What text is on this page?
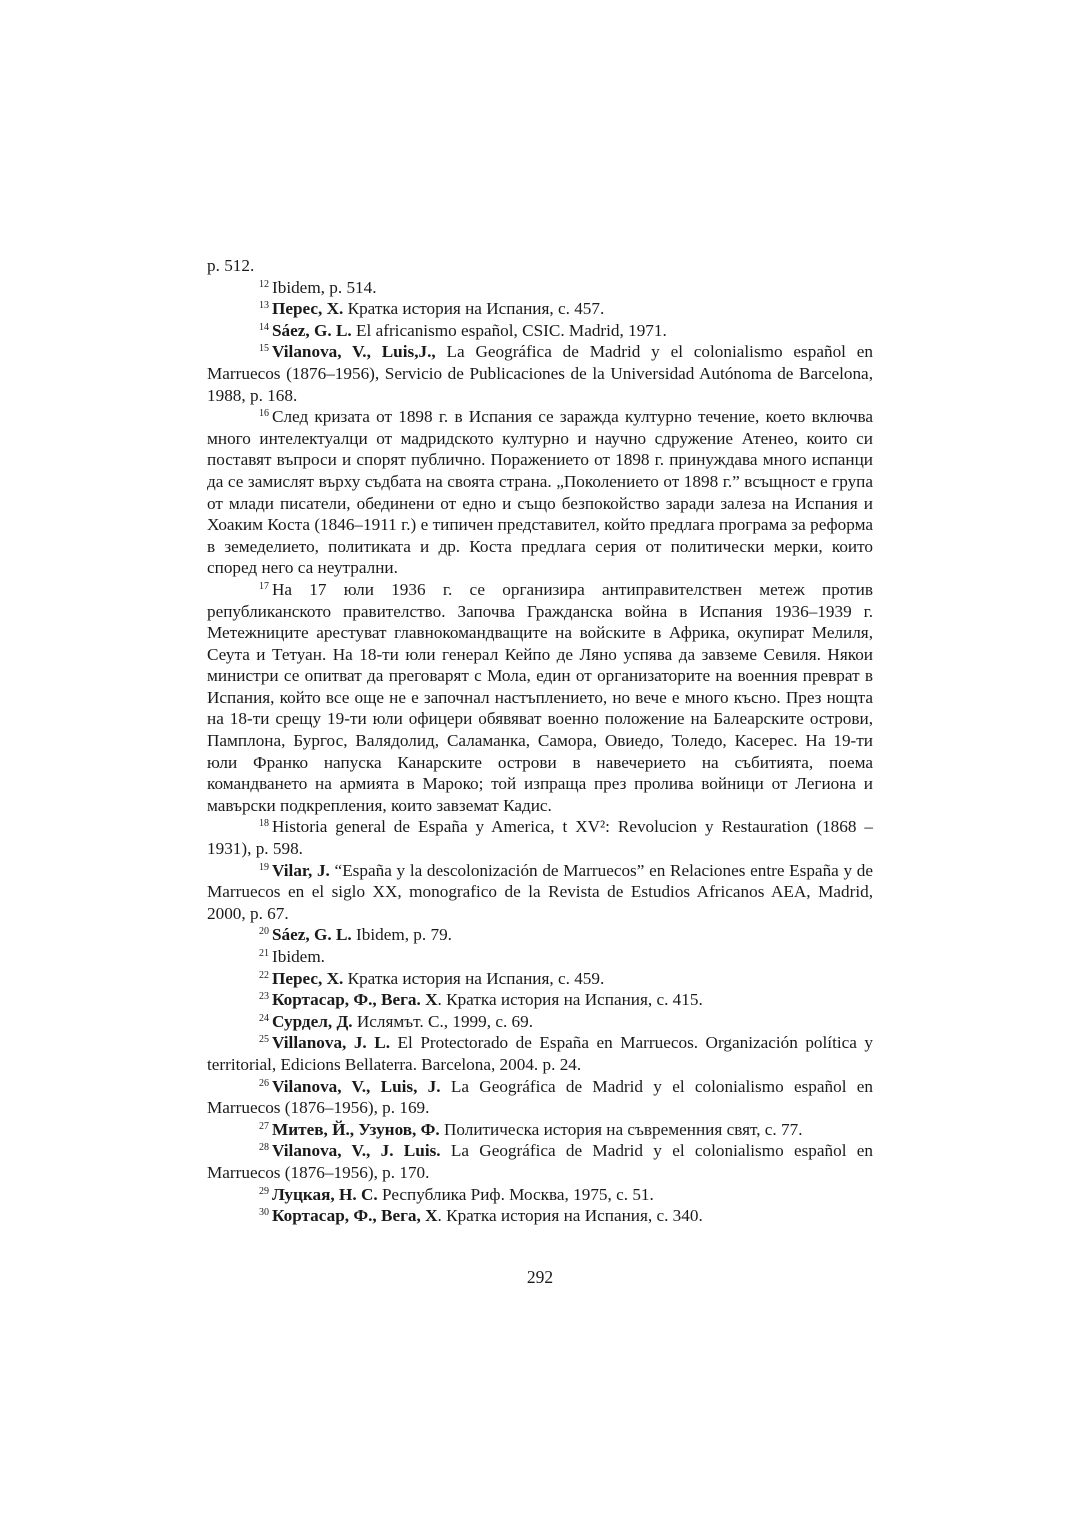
p. 512.

$^{12}$ Ibidem, p. 514.

$^{13}$ Перес, Х. Кратка история на Испания, с. 457.

$^{14}$ Sáez, G. L. El africanismo español, CSIC. Madrid, 1971.

$^{15}$ Vilanova, V., Luis,J., La Geográfica de Madrid y el colonialismo español en Marruecos (1876–1956), Servicio de Publicaciones de la Universidad Autónoma de Barcelona, 1988, p. 168.

$^{16}$ След кризата от 1898 г. в Испания се заражда културно течение, което включва много интелектуалци от мадридското културно и научно сдружение Атенео, които си поставят въпроси и спорят публично. Поражението от 1898 г. принуждава много испанци да се замислят върху съдбата на своята страна. „Поколението от 1898 г.” всъщност е група от млади писатели, обединени от едно и също безпокойство заради залеза на Испания и Хоаким Коста (1846–1911 г.) е типичен представител, който предлага програма за реформа в земеделието, политиката и др. Коста предлага серия от политически мерки, които според него са неутрални.

$^{17}$ На 17 юли 1936 г. се организира антиправителствен метеж против републиканското правителство. Започва Гражданска война в Испания 1936–1939 г. Метежниците арестуват главнокомандващите на войските в Африка, окупират Мелиля, Сеута и Тетуан. На 18-ти юли генерал Кейпо де Ляно успява да завземе Севиля. Някои министри се опитват да преговарят с Мола, един от организаторите на военния преврат в Испания, който все още не е започнал настъплението, но вече е много късно. През нощта на 18-ти срещу 19-ти юли офицери обявяват военно положение на Балеарските острови, Памплона, Бургос, Валядолид, Саламанка, Самора, Овиедо, Толедо, Касерес. На 19-ти юли Франко напуска Канарските острови в навечерието на събитията, поема командването на армията в Мароко; той изпраща през пролива войници от Легиона и мавърски подкрепления, които завземат Кадис.

$^{18}$ Historia general de España y America, t XV²: Revolucion y Restauration (1868 – 1931), p. 598.

$^{19}$ Vilar, J. “España y la descolonización de Marruecos” en Relaciones entre España y de Marruecos en el siglo XX, monografico de la Revista de Estudios Africanos AEA, Madrid, 2000, p. 67.

$^{20}$ Sáez, G. L. Ibidem, p. 79.

$^{21}$ Ibidem.

$^{22}$ Перес, Х. Кратка история на Испания, с. 459.

$^{23}$ Кортасар, Ф., Вега. Х. Кратка история на Испания, с. 415.

$^{24}$ Сурдел, Д. Ислямът. С., 1999, с. 69.

$^{25}$ Villanova, J. L. El Protectorado de España en Marruecos. Organización política y territorial, Edicions Bellaterra. Barcelona, 2004. p. 24.

$^{26}$ Vilanova, V., Luis, J. La Geográfica de Madrid y el colonialismo español en Marruecos (1876–1956), p. 169.

$^{27}$ Митев, Й., Узунов, Ф. Политическа история на съвременния свят, с. 77.

$^{28}$ Vilanova, V., J. Luis. La Geográfica de Madrid y el colonialismo español en Marruecos (1876–1956), p. 170.

$^{29}$ Луцкая, Н. С. Республика Риф. Москва, 1975, с. 51.

$^{30}$ Кортасар, Ф., Вега, Х. Кратка история на Испания, с. 340.

292
